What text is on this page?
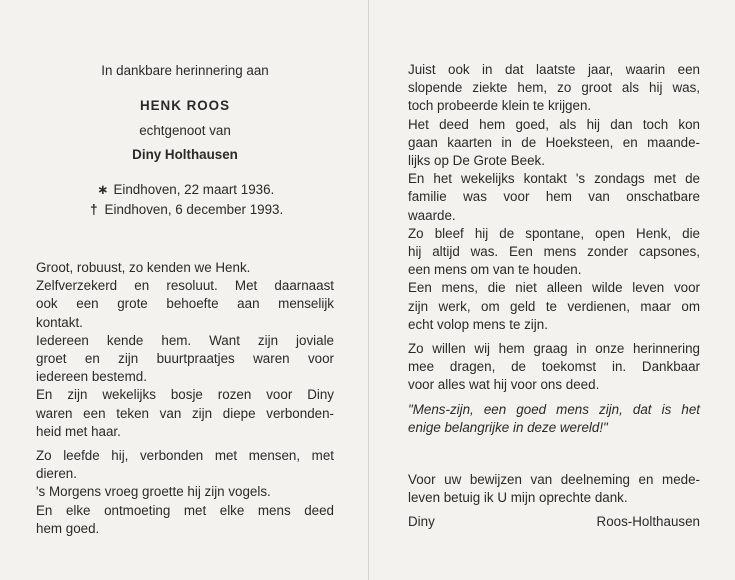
In dankbare herinnering aan
HENK ROOS
echtgenoot van
Diny Holthausen
∗ Eindhoven, 22 maart 1936.
† Eindhoven, 6 december 1993.
Groot, robuust, zo kenden we Henk.
Zelfverzekerd en resoluut. Met daarnaast
ook een grote behoefte aan menselijk
kontakt.
Iedereen kende hem. Want zijn joviale
groet en zijn buurtpraatjes waren voor
iedereen bestemd.
En zijn wekelijks bosje rozen voor Diny
waren een teken van zijn diepe verbonden-
heid met haar.
Zo leefde hij, verbonden met mensen, met
dieren.
's Morgens vroeg groette hij zijn vogels.
En elke ontmoeting met elke mens deed
hem goed.
Juist ook in dat laatste jaar, waarin een
slopende ziekte hem, zo groot als hij was,
toch probeerde klein te krijgen.
Het deed hem goed, als hij dan toch kon
gaan kaarten in de Hoeksteen, en maande-
lijks op De Grote Beek.
En het wekelijks kontakt 's zondags met de
familie was voor hem van onschatbare
waarde.
Zo bleef hij de spontane, open Henk, die
hij altijd was. Een mens zonder capsones,
een mens om van te houden.
Een mens, die niet alleen wilde leven voor
zijn werk, om geld te verdienen, maar om
echt volop mens te zijn.
Zo willen wij hem graag in onze herinnering
mee dragen, de toekomst in. Dankbaar
voor alles wat hij voor ons deed.
"Mens-zijn, een goed mens zijn, dat is het
enige belangrijke in deze wereld!"
Voor uw bewijzen van deelneming en mede-
leven betuig ik U mijn oprechte dank.
Diny Roos-Holthausen
